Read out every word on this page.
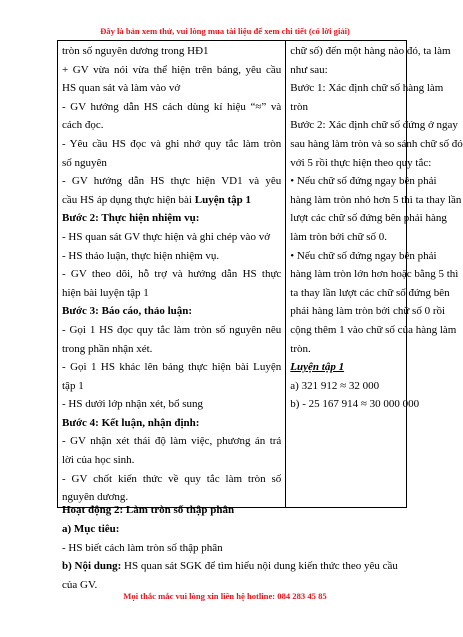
Đây là bản xem thử, vui lòng mua tài liệu để xem chi tiết (có lời giải)
tròn số nguyên dương trong HĐ1
+ GV vừa nói vừa thể hiện trên bảng, yêu cầu
HS quan sát và làm vào vở
- GV hướng dẫn HS cách dùng kí hiệu “≈” và
cách đọc.
- Yêu cầu HS đọc và ghi nhớ quy tắc làm tròn
số nguyên
- GV hướng dẫn HS thực hiện VD1 và yêu
cầu HS áp dụng thực hiện bài Luyện tập 1
Bước 2: Thực hiện nhiệm vụ:
- HS quan sát GV thực hiện và ghi chép vào vở
- HS thảo luận, thực hiện nhiệm vụ.
- GV theo dõi, hỗ trợ và hướng dẫn HS thực
hiện bài luyện tập 1
Bước 3: Báo cáo, thảo luận:
- Gọi 1 HS đọc quy tắc làm tròn số nguyên nêu
trong phần nhận xét.
- Gọi 1 HS khác lên bảng thực hiện bài Luyện
tập 1
- HS dưới lớp nhận xét, bổ sung
Bước 4: Kết luận, nhận định:
- GV nhận xét thái độ làm việc, phương án trả
lời của học sinh.
- GV chốt kiến thức về quy tắc làm tròn số
nguyên dương.

chữ số) đến một hàng nào đó, ta làm
như sau:
Bước 1: Xác định chữ số hàng làm
tròn
Bước 2: Xác định chữ số đứng ở ngay
sau hàng làm tròn và so sánh chữ số đó
với 5 rồi thực hiện theo quy tắc:
• Nếu chữ số đứng ngay bên phải
hàng làm tròn nhỏ hơn 5 thì ta thay lần
lượt các chữ số đứng bên phải hàng
làm tròn bởi chữ số 0.
• Nếu chữ số đứng ngay bên phải
hàng làm tròn lớn hơn hoặc bằng 5 thì
ta thay lần lượt các chữ số đứng bên
phải hàng làm tròn bởi chữ số 0 rồi
cộng thêm 1 vào chữ số của hàng làm
tròn.
Luyện tập 1
a) 321 912 ≈ 32 000
b) - 25 167 914 ≈ 30 000 000
Hoạt động 2: Làm tròn số thập phân
a) Mục tiêu:
- HS biết cách làm tròn số thập phân
b) Nội dung: HS quan sát SGK để tìm hiểu nội dung kiến thức theo yêu cầu
của GV.
Mọi thắc mắc vui lòng xin liên hệ hotline: 084 283 45 85
